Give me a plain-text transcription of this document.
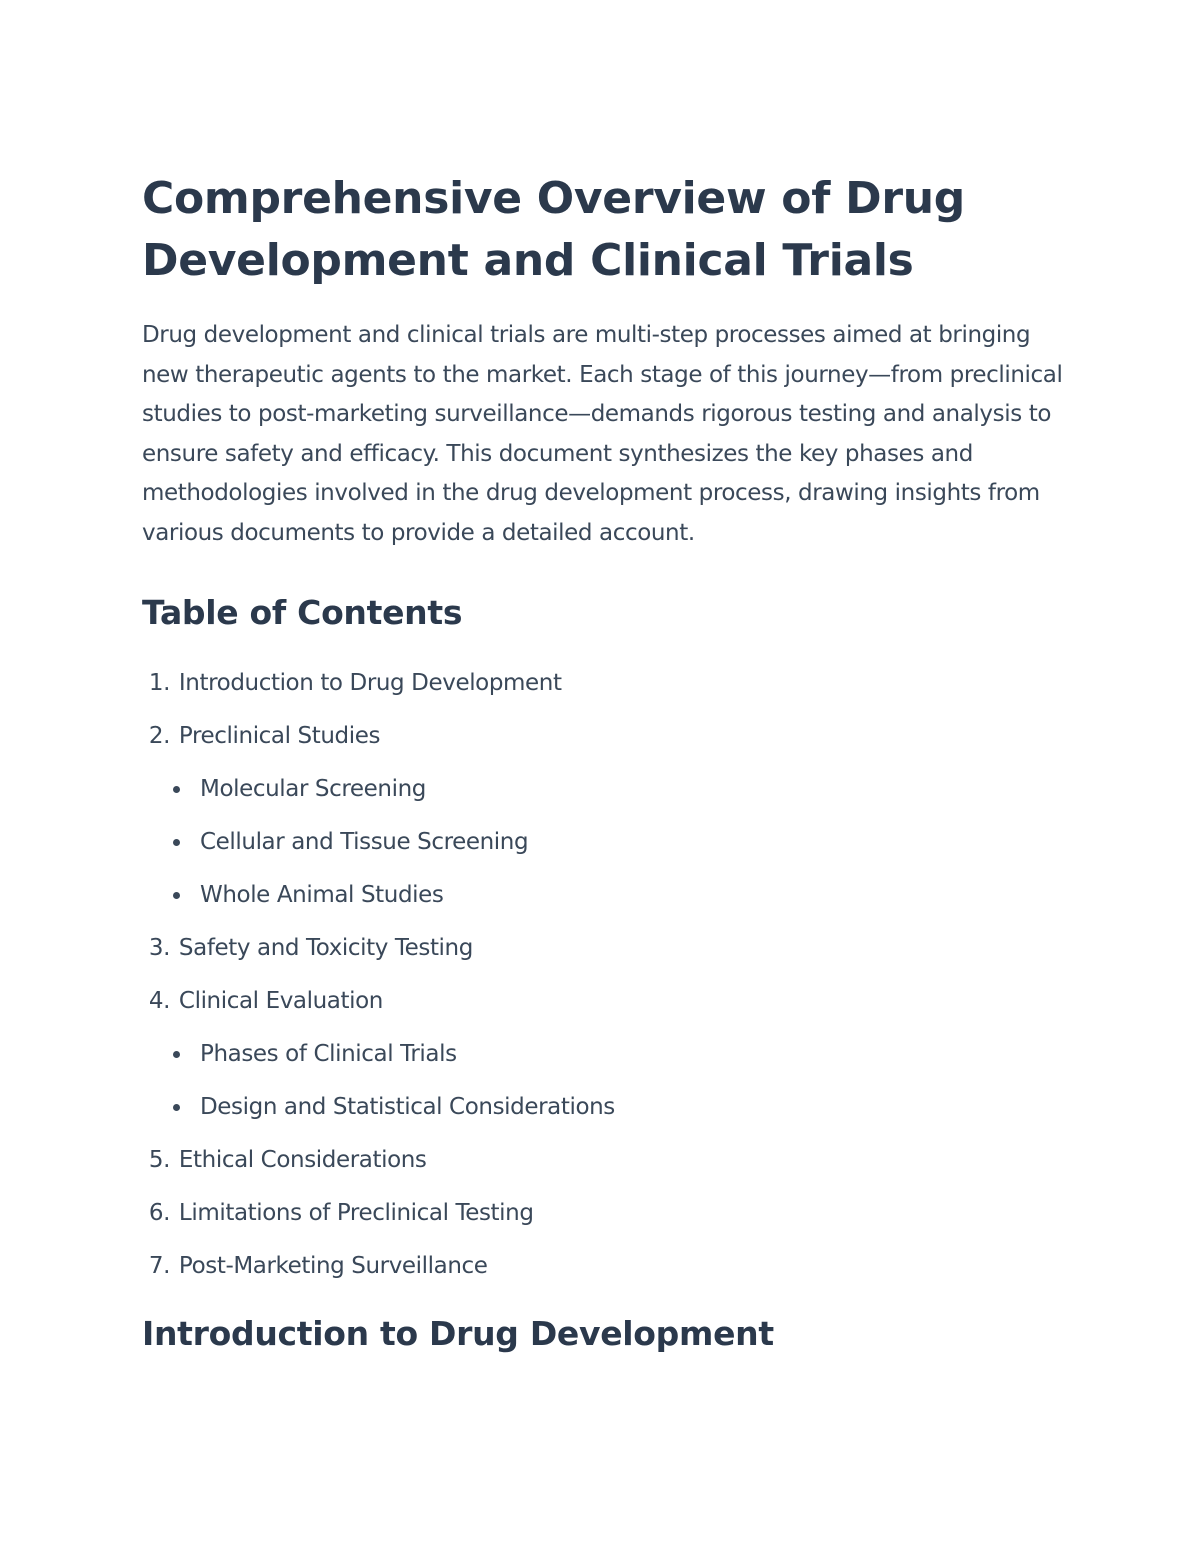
Comprehensive Overview of Drug Development and Clinical Trials

Drug development and clinical trials are multi-step processes aimed at bringing new therapeutic agents to the market. Each stage of this journey—from preclinical studies to post-marketing surveillance—demands rigorous testing and analysis to ensure safety and efficacy. This document synthesizes the key phases and methodologies involved in the drug development process, drawing insights from various documents to provide a detailed account.

Table of Contents
1. Introduction to Drug Development
2. Preclinical Studies
Molecular Screening
Cellular and Tissue Screening
Whole Animal Studies
3. Safety and Toxicity Testing
4. Clinical Evaluation
Phases of Clinical Trials
Design and Statistical Considerations
5. Ethical Considerations
6. Limitations of Preclinical Testing
7. Post-Marketing Surveillance
Introduction to Drug Development
